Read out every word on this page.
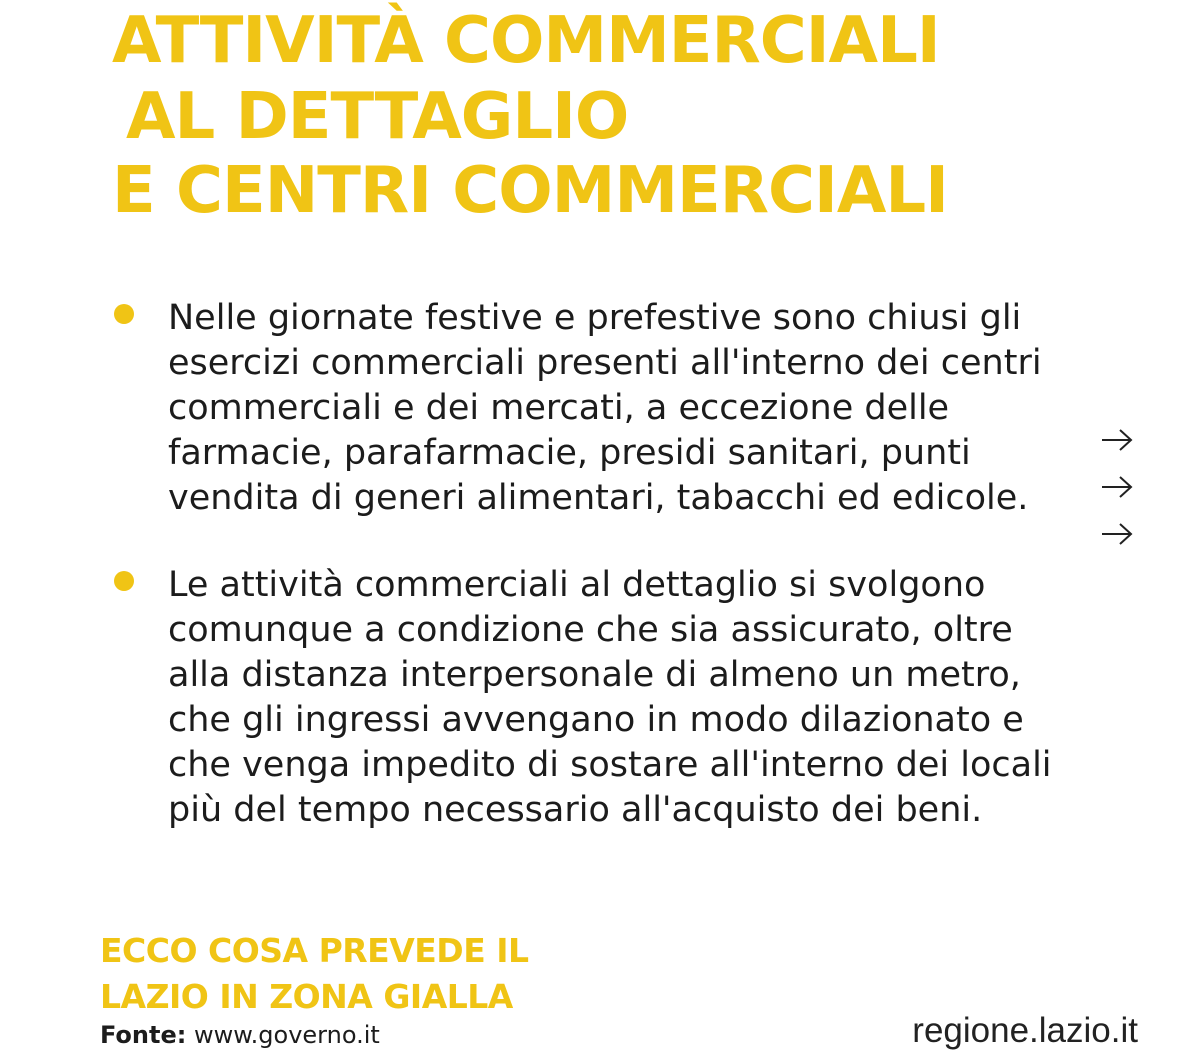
ATTIVITÀ COMMERCIALI
AL DETTAGLIO
E CENTRI COMMERCIALI
Nelle giornate festive e prefestive sono chiusi gli
esercizi commerciali presenti all'interno dei centri
commerciali e dei mercati, a eccezione delle
farmacie, parafarmacie, presidi sanitari, punti
vendita di generi alimentari, tabacchi ed edicole.
Le attività commerciali al dettaglio si svolgono
comunque a condizione che sia assicurato, oltre
alla distanza interpersonale di almeno un metro,
che gli ingressi avvengano in modo dilazionato e
che venga impedito di sostare all'interno dei locali
più del tempo necessario all'acquisto dei beni.
ECCO COSA PREVEDE IL
LAZIO IN ZONA GIALLA
Fonte: www.governo.it	regione.lazio.it
